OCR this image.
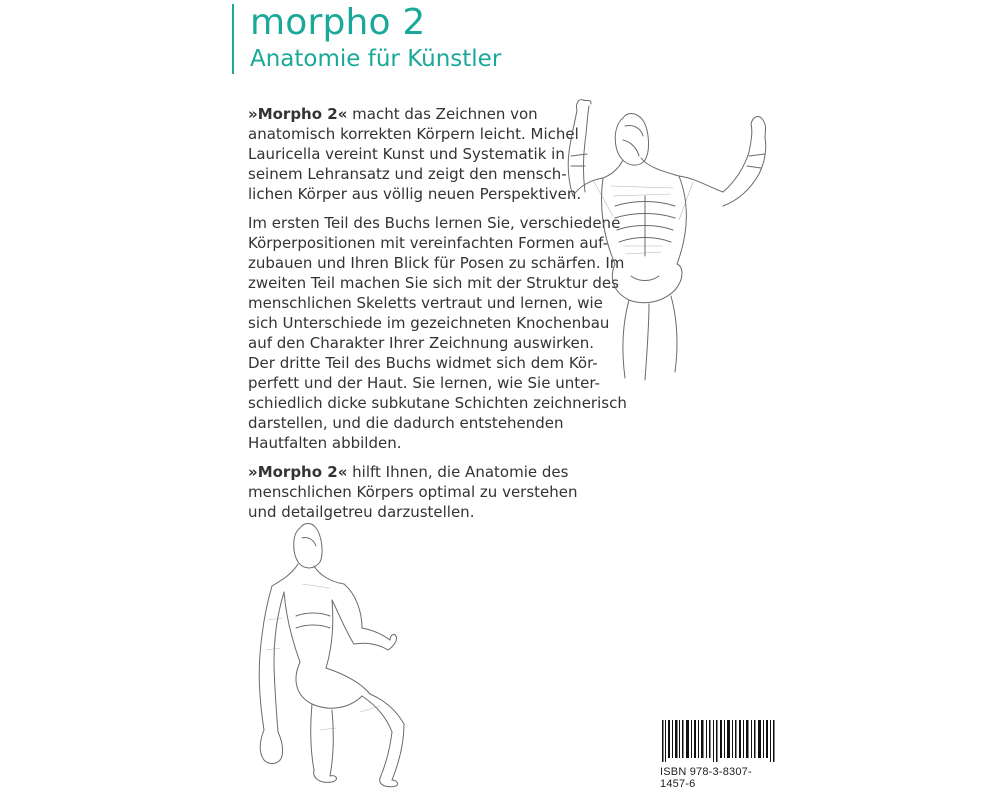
morpho 2
Anatomie für Künstler

»Morpho 2« macht das Zeichnen von
anatomisch korrekten Körpern leicht. Michel
Lauricella vereint Kunst und Systematik in
seinem Lehransatz und zeigt den mensch-
lichen Körper aus völlig neuen Perspektiven.

Im ersten Teil des Buchs lernen Sie, verschiedene
Körperpositionen mit vereinfachten Formen auf-
zubauen und Ihren Blick für Posen zu schärfen. Im
zweiten Teil machen Sie sich mit der Struktur des
menschlichen Skeletts vertraut und lernen, wie
sich Unterschiede im gezeichneten Knochenbau
auf den Charakter Ihrer Zeichnung auswirken.
Der dritte Teil des Buchs widmet sich dem Kör-
perfett und der Haut. Sie lernen, wie Sie unter-
schiedlich dicke subkutane Schichten zeichnerisch
darstellen, und die dadurch entstehenden
Hautfalten abbilden.

»Morpho 2« hilft Ihnen, die Anatomie des
menschlichen Körpers optimal zu verstehen
und detailgetreu darzustellen.

ISBN 978-3-8307-1457-6
